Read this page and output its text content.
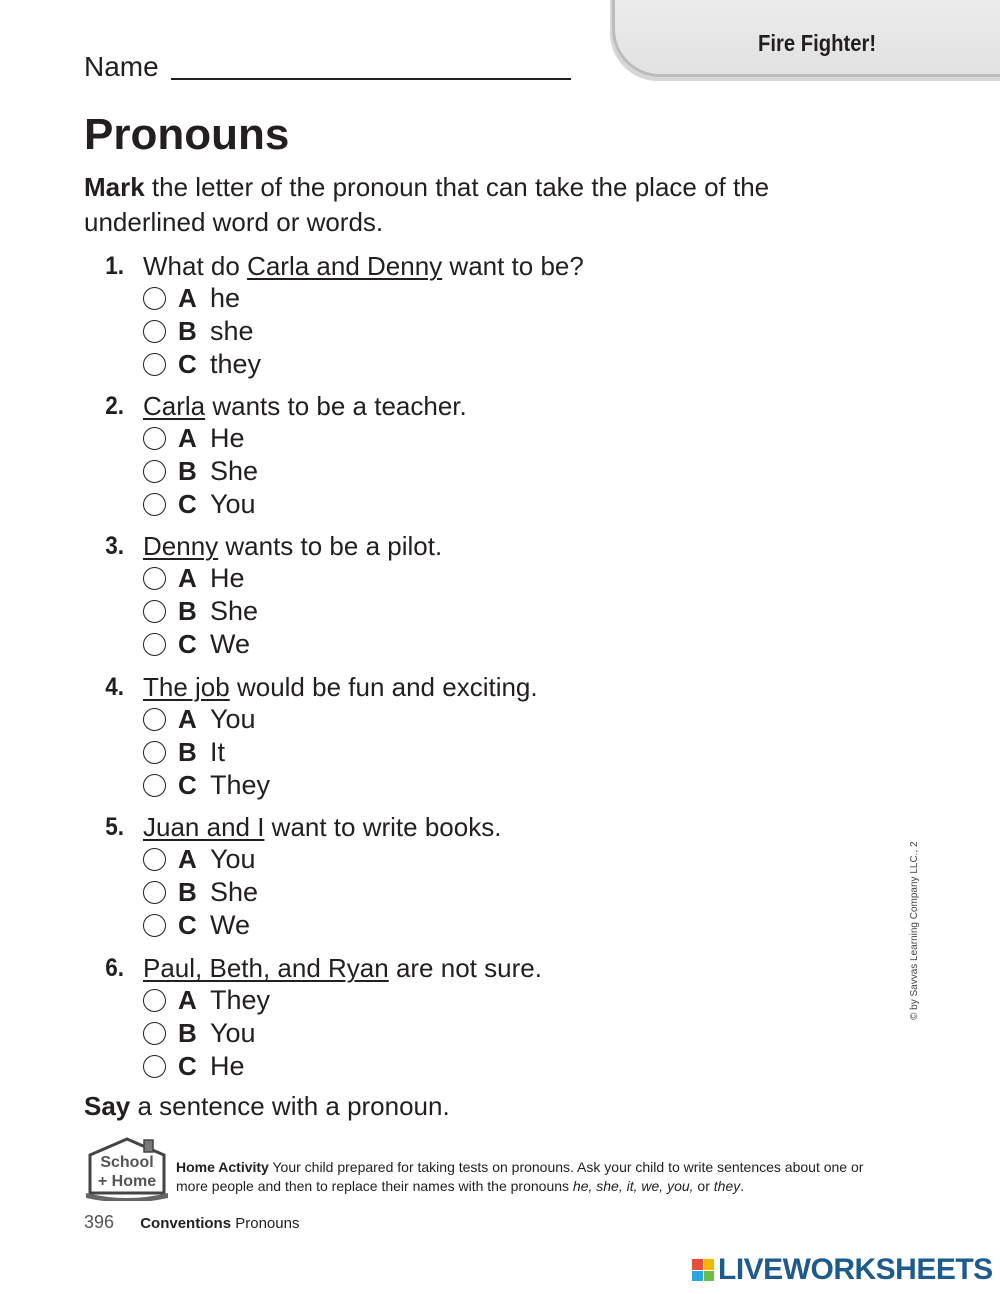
Fire Fighter!
Name
Pronouns
Mark the letter of the pronoun that can take the place of the underlined word or words.
1. What do Carla and Denny want to be?
A he
B she
C they
2. Carla wants to be a teacher.
A He
B She
C You
3. Denny wants to be a pilot.
A He
B She
C We
4. The job would be fun and exciting.
A You
B It
C They
5. Juan and I want to write books.
A You
B She
C We
6. Paul, Beth, and Ryan are not sure.
A They
B You
C He
Say a sentence with a pronoun.
School
+ Home
Home Activity Your child prepared for taking tests on pronouns. Ask your child to write sentences about one or more people and then to replace their names with the pronouns he, she, it, we, you, or they.
396 Conventions Pronouns
© by Savvas Learning Company LLC., 2
LIVEWORKSHEETS
